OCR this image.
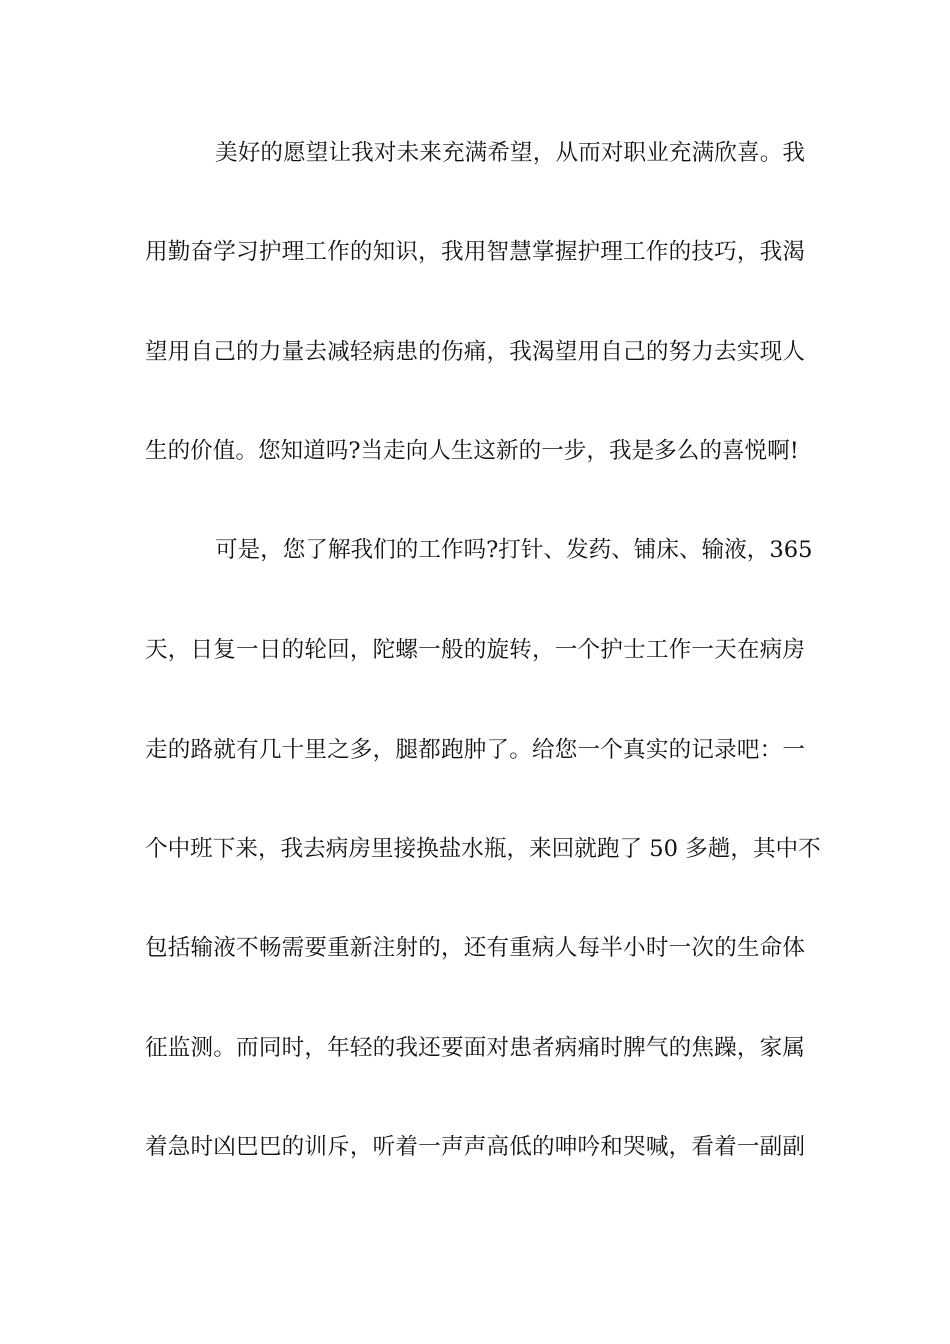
美好的愿望让我对未来充满希望，从而对职业充满欣喜。我
用勤奋学习护理工作的知识，我用智慧掌握护理工作的技巧，我渴
望用自己的力量去减轻病患的伤痛，我渴望用自己的努力去实现人
生的价值。您知道吗?当走向人生这新的一步，我是多么的喜悦啊!
可是，您了解我们的工作吗?打针、发药、铺床、输液，365
天，日复一日的轮回，陀螺一般的旋转，一个护士工作一天在病房
走的路就有几十里之多，腿都跑肿了。给您一个真实的记录吧：一
个中班下来，我去病房里接换盐水瓶，来回就跑了 50 多趟，其中不
包括输液不畅需要重新注射的，还有重病人每半小时一次的生命体
征监测。而同时，年轻的我还要面对患者病痛时脾气的焦躁，家属
着急时凶巴巴的训斥，听着一声声高低的呻吟和哭喊，看着一副副
